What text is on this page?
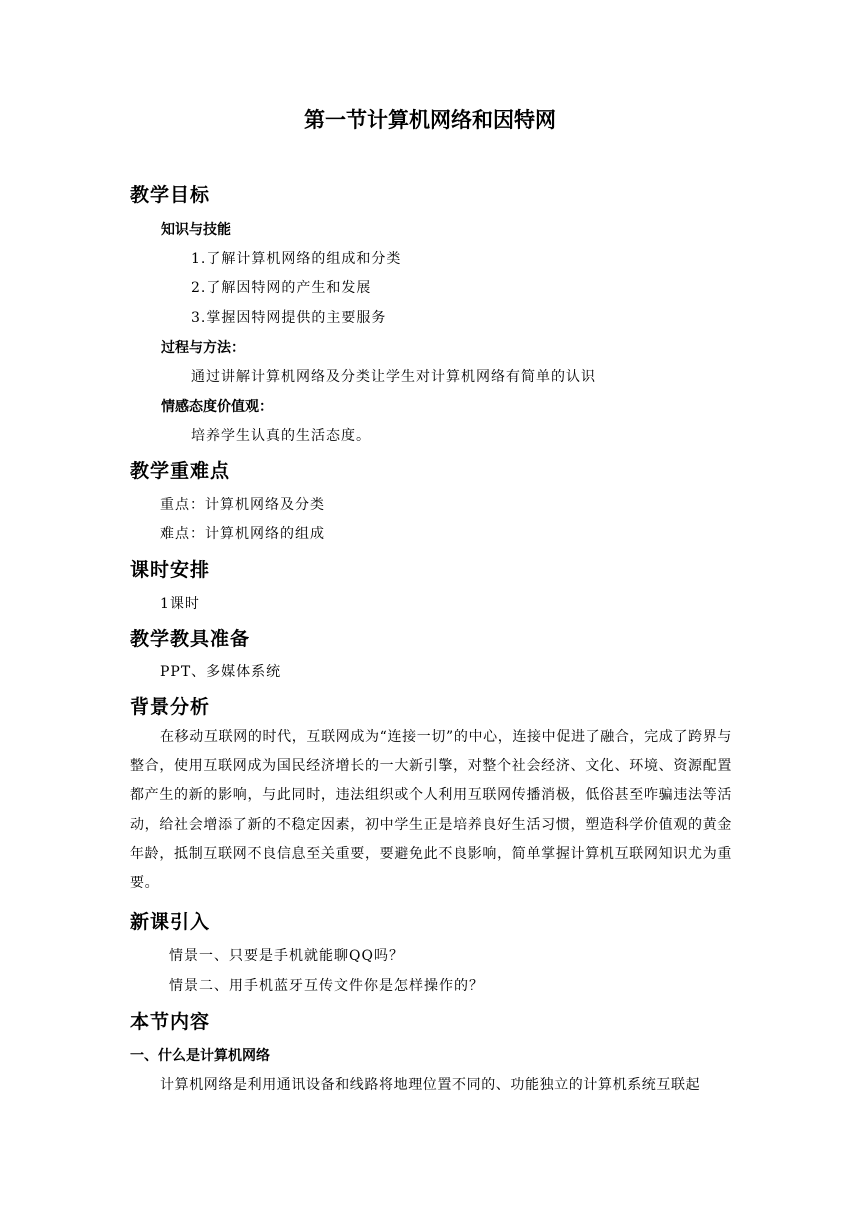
第一节计算机网络和因特网
教学目标
知识与技能
1.了解计算机网络的组成和分类
2.了解因特网的产生和发展
3.掌握因特网提供的主要服务
过程与方法：
通过讲解计算机网络及分类让学生对计算机网络有简单的认识
情感态度价值观：
培养学生认真的生活态度。
教学重难点
重点：计算机网络及分类
难点：计算机网络的组成
课时安排
1课时
教学教具准备
PPT、多媒体系统
背景分析
在移动互联网的时代，互联网成为“连接一切”的中心，连接中促进了融合，完成了跨界与整合，使用互联网成为国民经济增长的一大新引擎，对整个社会经济、文化、环境、资源配置都产生的新的影响，与此同时，违法组织或个人利用互联网传播消极，低俗甚至咋骗违法等活动，给社会增添了新的不稳定因素，初中学生正是培养良好生活习惯，塑造科学价值观的黄金年龄，抵制互联网不良信息至关重要，要避免此不良影响，简单掌握计算机互联网知识尤为重要。
新课引入
情景一、只要是手机就能聊QQ吗？
情景二、用手机蓝牙互传文件你是怎样操作的？
本节内容
一、什么是计算机网络
计算机网络是利用通讯设备和线路将地理位置不同的、功能独立的计算机系统互联起
